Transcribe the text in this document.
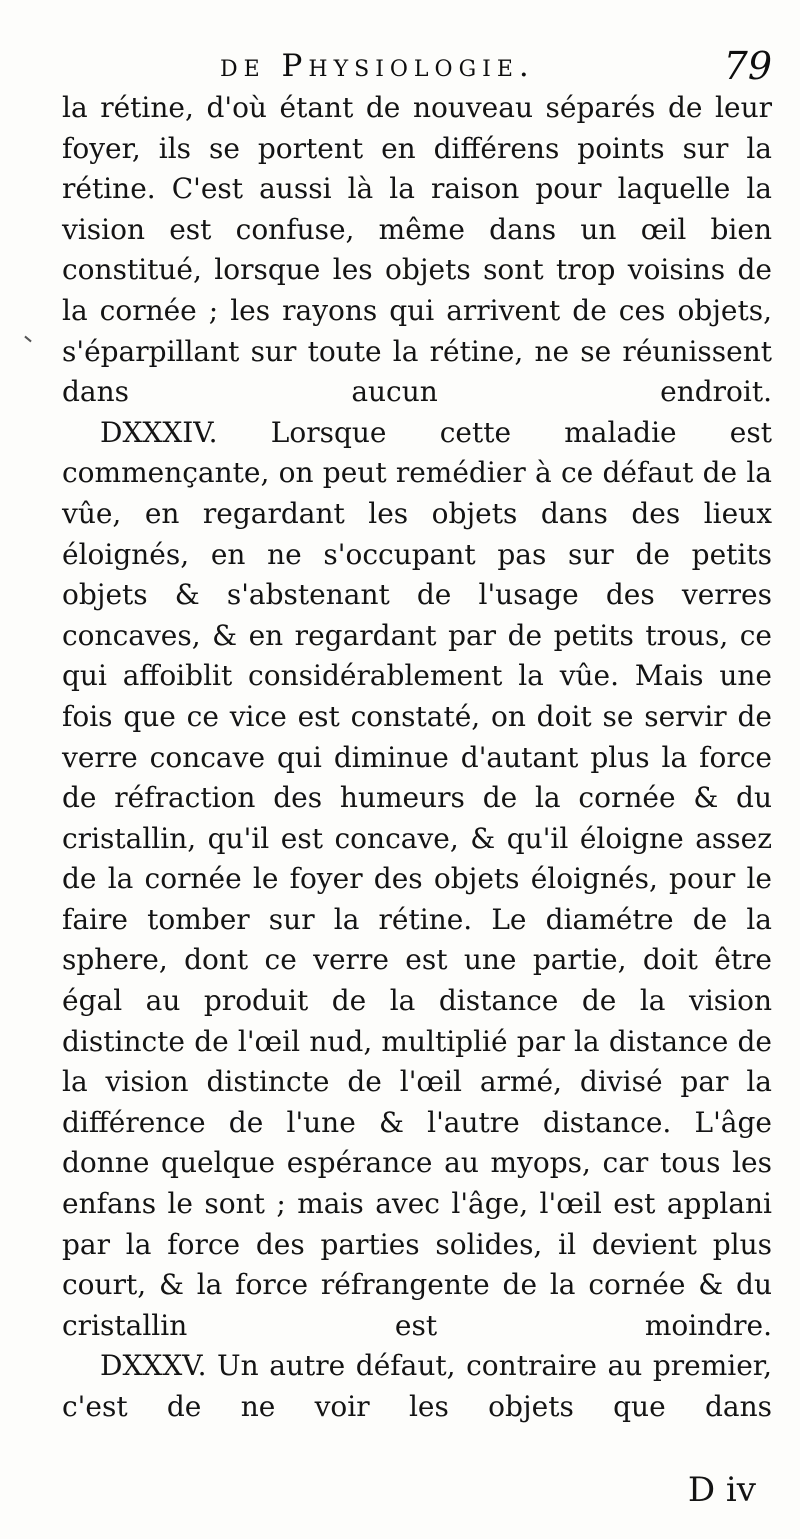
de Physiologie.	79

la rétine, d'où étant de nouveau séparés de leur foyer, ils se portent en différens points sur la rétine. C'est aussi là la raison pour laquelle la vision est confuse, même dans un œil bien constitué, lorsque les objets sont trop voisins de la cornée ; les rayons qui arrivent de ces objets, s'éparpillant sur toute la rétine, ne se réunissent dans aucun endroit.

DXXXIV. Lorsque cette maladie est commençante, on peut remédier à ce défaut de la vûe, en regardant les objets dans des lieux éloignés, en ne s'occupant pas sur de petits objets & s'abstenant de l'usage des verres concaves, & en regardant par de petits trous, ce qui affoiblit considérablement la vûe. Mais une fois que ce vice est constaté, on doit se servir de verre concave qui diminue d'autant plus la force de réfraction des humeurs de la cornée & du cristallin, qu'il est concave, & qu'il éloigne assez de la cornée le foyer des objets éloignés, pour le faire tomber sur la rétine. Le diamétre de la sphere, dont ce verre est une partie, doit être égal au produit de la distance de la vision distincte de l'œil nud, multiplié par la distance de la vision distincte de l'œil armé, divisé par la différence de l'une & l'autre distance. L'âge donne quelque espérance au myops, car tous les enfans le sont ; mais avec l'âge, l'œil est applani par la force des parties solides, il devient plus court, & la force réfrangente de la cornée & du cristallin est moindre.

DXXXV. Un autre défaut, contraire au premier, c'est de ne voir les objets que dans

D iv
